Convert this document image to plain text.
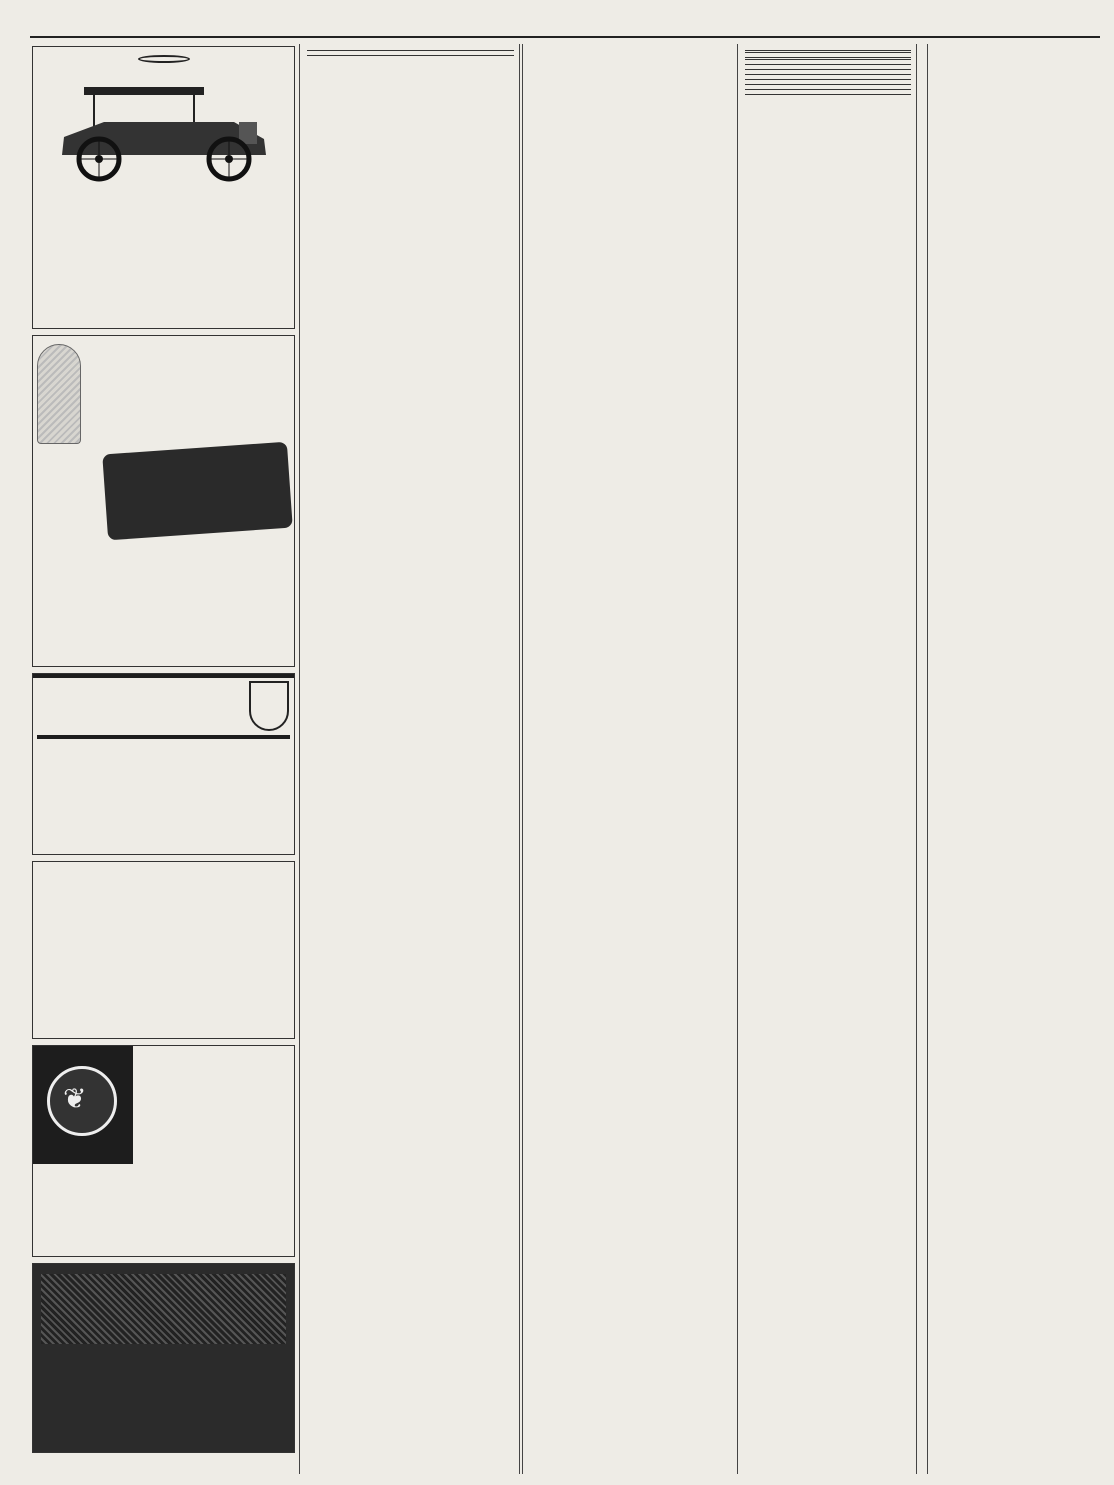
❦
